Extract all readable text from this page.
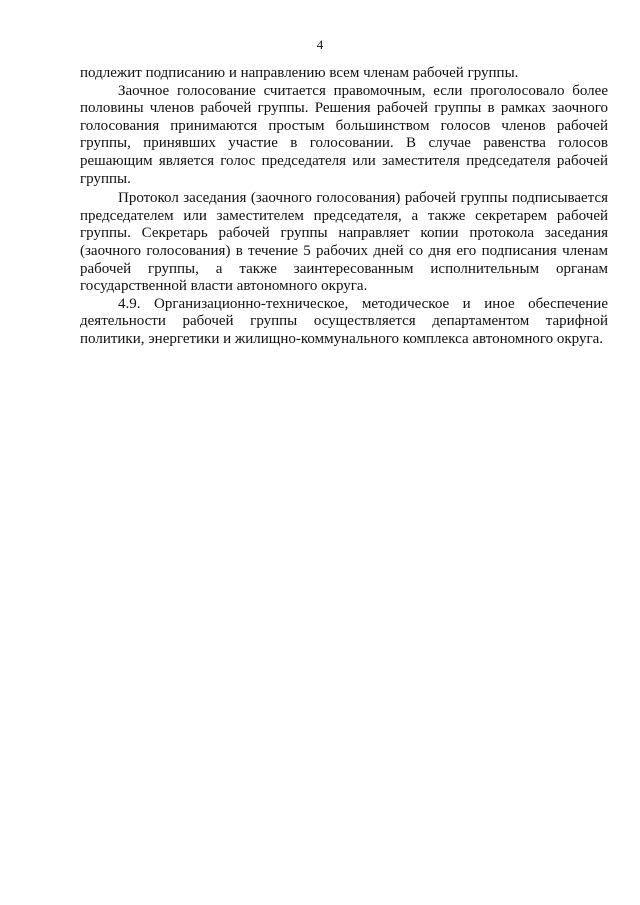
4

подлежит подписанию и направлению всем членам рабочей группы.

Заочное голосование считается правомочным, если проголосовало более половины членов рабочей группы. Решения рабочей группы в рамках заочного голосования принимаются простым большинством голосов членов рабочей группы, принявших участие в голосовании. В случае равенства голосов решающим является голос председателя или заместителя председателя рабочей группы.

Протокол заседания (заочного голосования) рабочей группы подписывается председателем или заместителем председателя, а также секретарем рабочей группы. Секретарь рабочей группы направляет копии протокола заседания (заочного голосования) в течение 5 рабочих дней со дня его подписания членам рабочей группы, а также заинтересованным исполнительным органам государственной власти автономного округа.

4.9. Организационно-техническое, методическое и иное обеспечение деятельности рабочей группы осуществляется департаментом тарифной политики, энергетики и жилищно-коммунального комплекса автономного округа.
